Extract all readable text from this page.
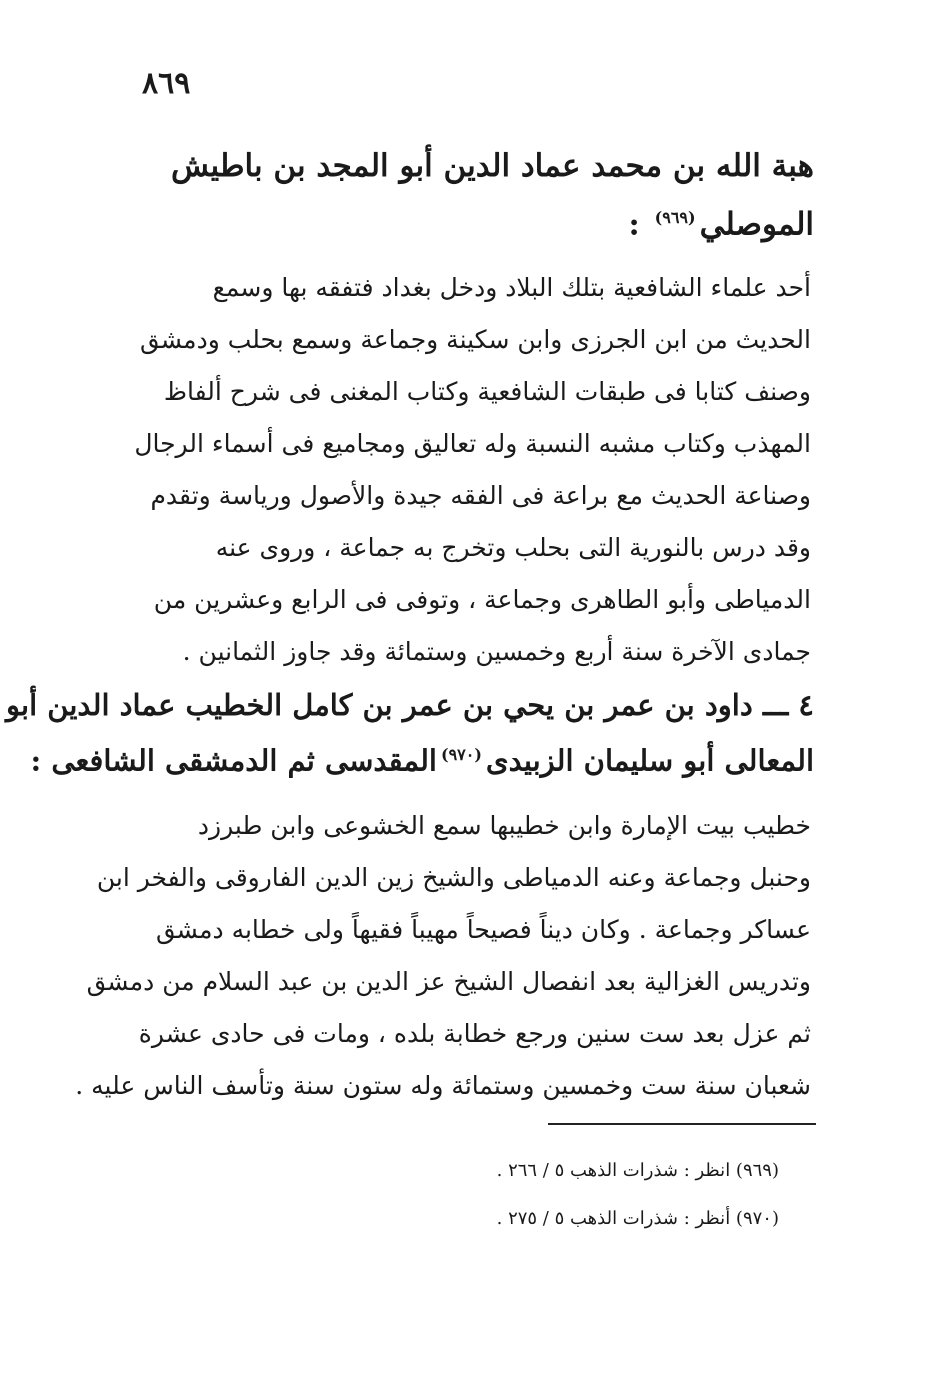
٨٦٩
هبة الله بن محمد عماد الدين أبو المجد بن باطيش
الموصلي$^{(٩٦٩)}$ :
أحد علماء الشافعية بتلك البلاد ودخل بغداد فتفقه بها وسمع
الحديث من ابن الجرزى وابن سكينة وجماعة وسمع بحلب ودمشق
وصنف كتابا فى طبقات الشافعية وكتاب المغنى فى شرح ألفاظ
المهذب وكتاب مشبه النسبة وله تعاليق ومجاميع فى أسماء الرجال
وصناعة الحديث مع براعة فى الفقه جيدة والأصول ورياسة وتقدم
وقد درس بالنورية التى بحلب وتخرج به جماعة ، وروى عنه
الدمياطى وأبو الطاهرى وجماعة ، وتوفى فى الرابع وعشرين من
جمادى الآخرة سنة أربع وخمسين وستمائة وقد جاوز الثمانين .
٤ ـــ داود بن عمر بن يحي بن عمر بن كامل الخطيب عماد الدين أبو
المعالى أبو سليمان الزبيدى$^{(٩٧٠)}$المقدسى ثم الدمشقى الشافعى :
خطيب بيت الإمارة وابن خطيبها سمع الخشوعى وابن طبرزد
وحنبل وجماعة وعنه الدمياطى والشيخ زين الدين الفاروقى والفخر ابن
عساكر وجماعة . وكان ديناً فصيحاً مهيباً فقيهاً ولى خطابه دمشق
وتدريس الغزالية بعد انفصال الشيخ عز الدين بن عبد السلام من دمشق
ثم عزل بعد ست سنين ورجع خطابة بلده ، ومات فى حادى عشرة
شعبان سنة ست وخمسين وستمائة وله ستون سنة وتأسف الناس عليه .
(٩٦٩) انظر : شذرات الذهب ٥ / ٢٦٦ .
(٩٧٠) أنظر : شذرات الذهب ٥ / ٢٧٥ .
